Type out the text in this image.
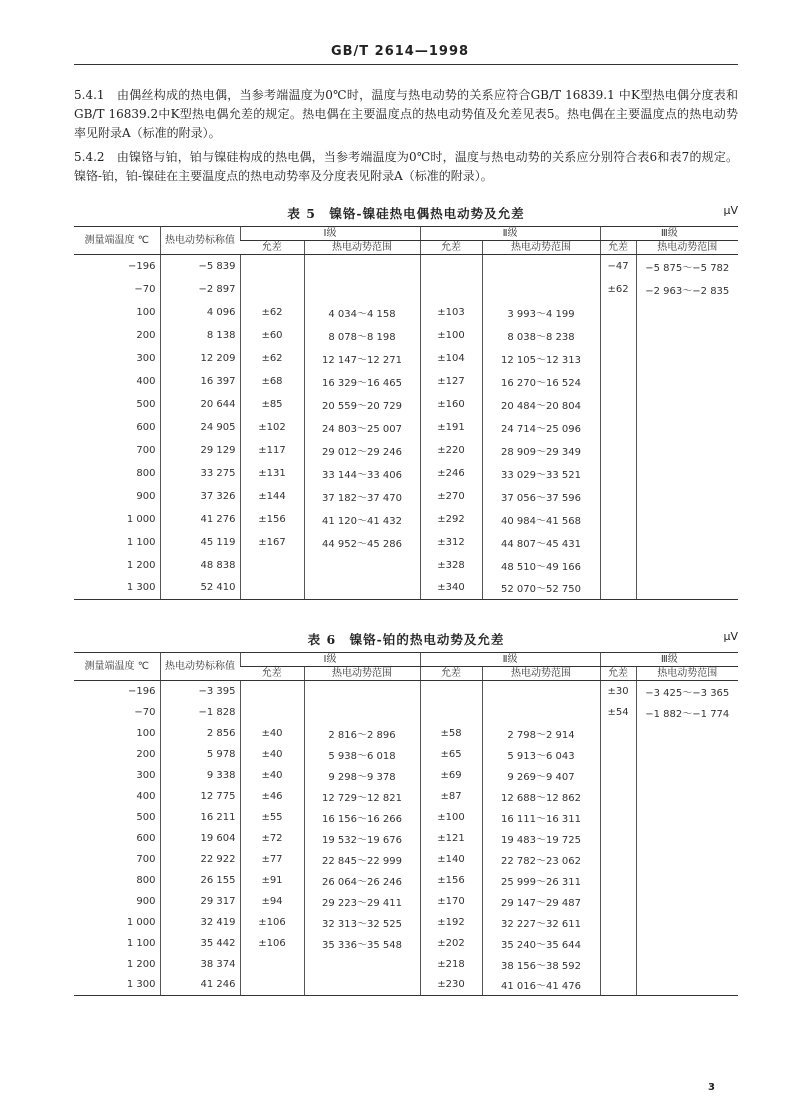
GB/T 2614—1998

5.4.1　由偶丝构成的热电偶，当参考端温度为0℃时，温度与热电动势的关系应符合GB/T 16839.1 中K型热电偶分度表和GB/T 16839.2中K型热电偶允差的规定。热电偶在主要温度点的热电动势值及允差见表5。热电偶在主要温度点的热电动势率见附录A（标准的附录）。

5.4.2　由镍铬与铂，铂与镍硅构成的热电偶，当参考端温度为0℃时，温度与热电动势的关系应分别符合表6和表7的规定。镍铬-铂，铂-镍硅在主要温度点的热电动势率及分度表见附录A（标准的附录）。

表 5　镍铬-镍硅热电偶热电动势及允差	μV
测量端温度 ℃	热电动势标称值	Ⅰ级		Ⅱ级		Ⅲ级	
		允差	热电动势范围	允差	热电动势范围	允差	热电动势范围
−196	−5 839					−47	−5 875～−5 782
−70	−2 897					±62	−2 963～−2 835
100	4 096	±62	4 034～4 158	±103	3 993～4 199		
200	8 138	±60	8 078～8 198	±100	8 038～8 238		
300	12 209	±62	12 147～12 271	±104	12 105～12 313		
400	16 397	±68	16 329～16 465	±127	16 270～16 524		
500	20 644	±85	20 559～20 729	±160	20 484～20 804		
600	24 905	±102	24 803～25 007	±191	24 714～25 096		
700	29 129	±117	29 012～29 246	±220	28 909～29 349		
800	33 275	±131	33 144～33 406	±246	33 029～33 521		
900	37 326	±144	37 182～37 470	±270	37 056～37 596		
1 000	41 276	±156	41 120～41 432	±292	40 984～41 568		
1 100	45 119	±167	44 952～45 286	±312	44 807～45 431		
1 200	48 838			±328	48 510～49 166		
1 300	52 410			±340	52 070～52 750		
表 6　镍铬-铂的热电动势及允差	μV
测量端温度 ℃	热电动势标称值	Ⅰ级		Ⅱ级		Ⅲ级	
		允差	热电动势范围	允差	热电动势范围	允差	热电动势范围
−196	−3 395					±30	−3 425～−3 365
−70	−1 828					±54	−1 882～−1 774
100	2 856	±40	2 816～2 896	±58	2 798～2 914		
200	5 978	±40	5 938～6 018	±65	5 913～6 043		
300	9 338	±40	9 298～9 378	±69	9 269～9 407		
400	12 775	±46	12 729～12 821	±87	12 688～12 862		
500	16 211	±55	16 156～16 266	±100	16 111～16 311		
600	19 604	±72	19 532～19 676	±121	19 483～19 725		
700	22 922	±77	22 845～22 999	±140	22 782～23 062		
800	26 155	±91	26 064～26 246	±156	25 999～26 311		
900	29 317	±94	29 223～29 411	±170	29 147～29 487		
1 000	32 419	±106	32 313～32 525	±192	32 227～32 611		
1 100	35 442	±106	35 336～35 548	±202	35 240～35 644		
1 200	38 374			±218	38 156～38 592		
1 300	41 246			±230	41 016～41 476		
3
